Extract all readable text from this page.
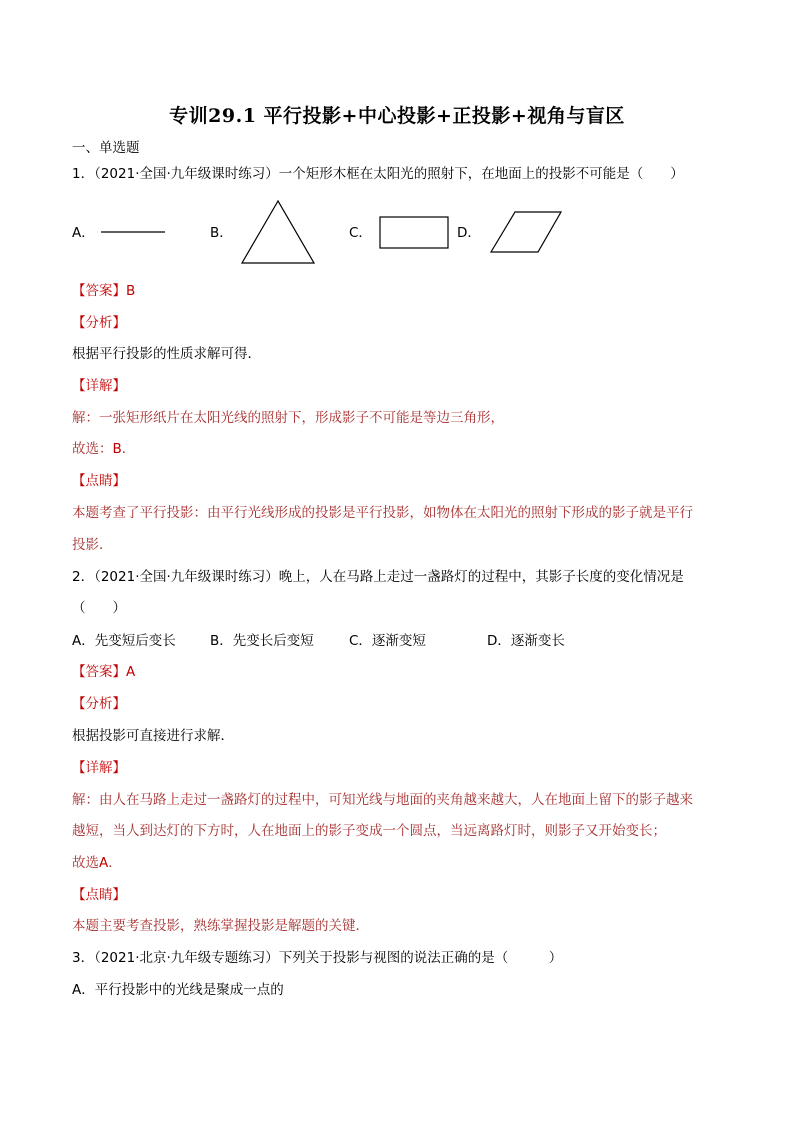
专训29.1 平行投影+中心投影+正投影+视角与盲区
一、单选题
1．（2021·全国·九年级课时练习）一个矩形木框在太阳光的照射下，在地面上的投影不可能是（　　）
A．	B．	C．	D．
【答案】B
【分析】
根据平行投影的性质求解可得．
【详解】
解：一张矩形纸片在太阳光线的照射下，形成影子不可能是等边三角形，
故选：B．
【点睛】
本题考查了平行投影：由平行光线形成的投影是平行投影，如物体在太阳光的照射下形成的影子就是平行
投影．
2．（2021·全国·九年级课时练习）晚上，人在马路上走过一盏路灯的过程中，其影子长度的变化情况是
（　　）
A．先变短后变长	B．先变长后变短	C．逐渐变短	D．逐渐变长
【答案】A
【分析】
根据投影可直接进行求解．
【详解】
解：由人在马路上走过一盏路灯的过程中，可知光线与地面的夹角越来越大，人在地面上留下的影子越来
越短，当人到达灯的下方时，人在地面上的影子变成一个圆点，当远离路灯时，则影子又开始变长；
故选A．
【点睛】
本题主要考查投影，熟练掌握投影是解题的关键．
3．（2021·北京·九年级专题练习）下列关于投影与视图的说法正确的是（　　　）
A．平行投影中的光线是聚成一点的
